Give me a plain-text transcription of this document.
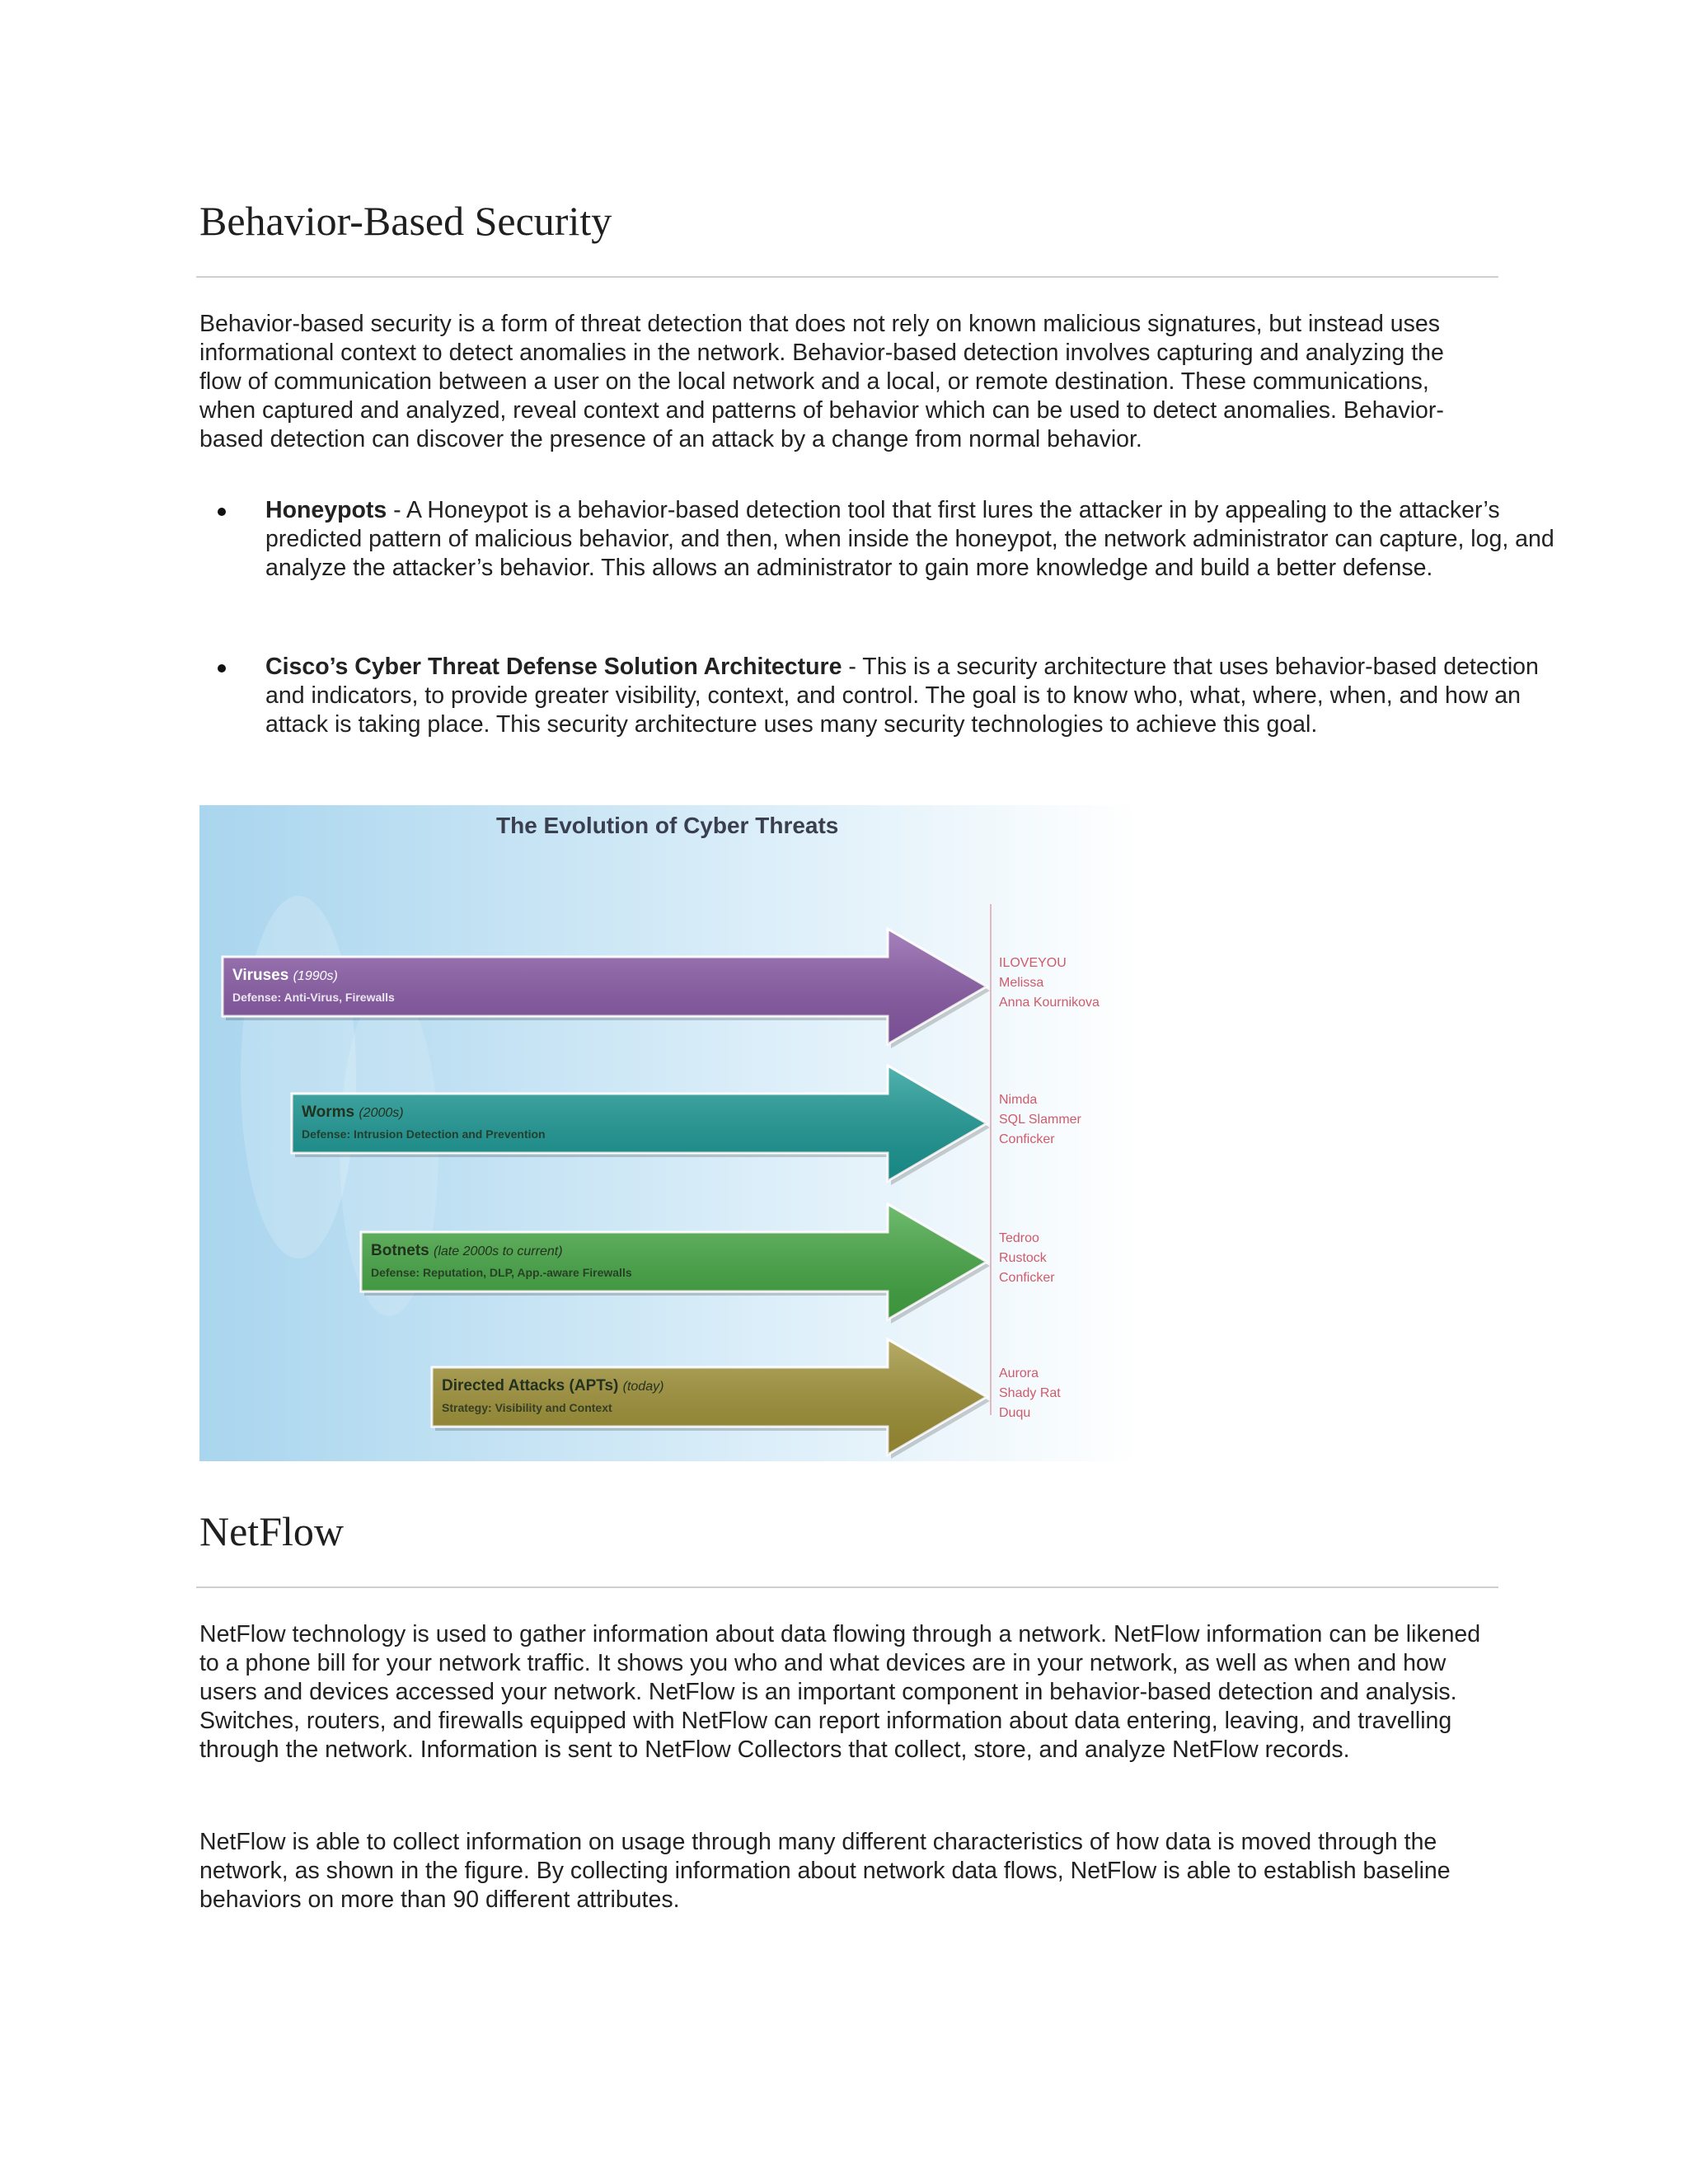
Behavior-Based Security

Behavior-based security is a form of threat detection that does not rely on known malicious signatures, but instead uses informational context to detect anomalies in the network. Behavior-based detection involves capturing and analyzing the flow of communication between a user on the local network and a local, or remote destination. These communications, when captured and analyzed, reveal context and patterns of behavior which can be used to detect anomalies. Behavior-based detection can discover the presence of an attack by a change from normal behavior.

Honeypots - A Honeypot is a behavior-based detection tool that first lures the attacker in by appealing to the attacker’s predicted pattern of malicious behavior, and then, when inside the honeypot, the network administrator can capture, log, and analyze the attacker’s behavior. This allows an administrator to gain more knowledge and build a better defense.
Cisco’s Cyber Threat Defense Solution Architecture - This is a security architecture that uses behavior-based detection and indicators, to provide greater visibility, context, and control. The goal is to know who, what, where, when, and how an attack is taking place. This security architecture uses many security technologies to achieve this goal.
The Evolution of Cyber Threats
Viruses (1990s)
Defense: Anti-Virus, Firewalls
ILOVEYOU
Melissa
Anna Kournikova
Worms (2000s)
Defense: Intrusion Detection and Prevention
Nimda
SQL Slammer
Conficker
Botnets (late 2000s to current)
Defense: Reputation, DLP, App.-aware Firewalls
Tedroo
Rustock
Conficker
Directed Attacks (APTs) (today)
Strategy: Visibility and Context
Aurora
Shady Rat
Duqu
NetFlow

NetFlow technology is used to gather information about data flowing through a network. NetFlow information can be likened to a phone bill for your network traffic. It shows you who and what devices are in your network, as well as when and how users and devices accessed your network. NetFlow is an important component in behavior-based detection and analysis. Switches, routers, and firewalls equipped with NetFlow can report information about data entering, leaving, and travelling through the network. Information is sent to NetFlow Collectors that collect, store, and analyze NetFlow records.

NetFlow is able to collect information on usage through many different characteristics of how data is moved through the network, as shown in the figure. By collecting information about network data flows, NetFlow is able to establish baseline behaviors on more than 90 different attributes.
